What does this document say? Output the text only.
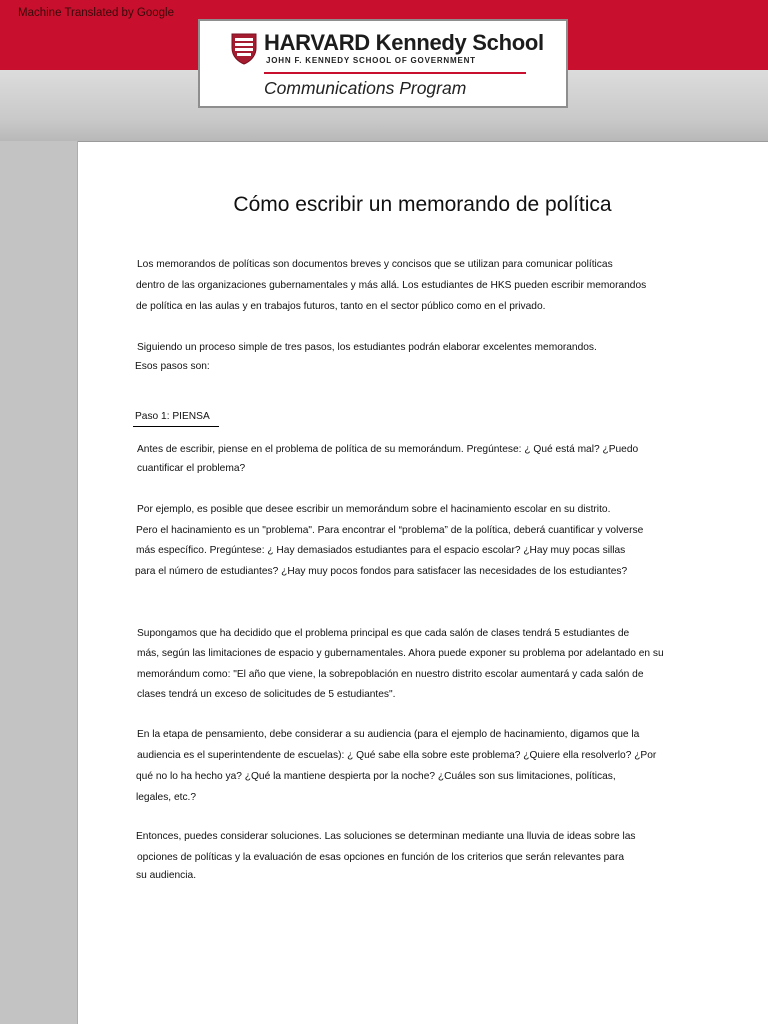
Machine Translated by Google
HARVARD Kennedy School
JOHN F. KENNEDY SCHOOL OF GOVERNMENT
Communications Program
Cómo escribir un memorando de política
Los memorandos de políticas son documentos breves y concisos que se utilizan para comunicar políticas
dentro de las organizaciones gubernamentales y más allá. Los estudiantes de HKS pueden escribir memorandos
de política en las aulas y en trabajos futuros, tanto en el sector público como en el privado.
Siguiendo un proceso simple de tres pasos, los estudiantes podrán elaborar excelentes memorandos.
Esos pasos son:
Paso 1: PIENSA
Antes de escribir, piense en el problema de política de su memorándum. Pregúntese: ¿ Qué está mal? ¿Puedo
cuantificar el problema?
Por ejemplo, es posible que desee escribir un memorándum sobre el hacinamiento escolar en su distrito.
Pero el hacinamiento es un "problema". Para encontrar el “problema” de la política, deberá cuantificar y volverse
más específico. Pregúntese: ¿ Hay demasiados estudiantes para el espacio escolar? ¿Hay muy pocas sillas
para el número de estudiantes? ¿Hay muy pocos fondos para satisfacer las necesidades de los estudiantes?
Supongamos que ha decidido que el problema principal es que cada salón de clases tendrá 5 estudiantes de
más, según las limitaciones de espacio y gubernamentales. Ahora puede exponer su problema por adelantado en su
memorándum como: "El año que viene, la sobrepoblación en nuestro distrito escolar aumentará y cada salón de
clases tendrá un exceso de solicitudes de 5 estudiantes".
En la etapa de pensamiento, debe considerar a su audiencia (para el ejemplo de hacinamiento, digamos que la
audiencia es el superintendente de escuelas): ¿ Qué sabe ella sobre este problema? ¿Quiere ella resolverlo? ¿Por
qué no lo ha hecho ya? ¿Qué la mantiene despierta por la noche? ¿Cuáles son sus limitaciones, políticas,
legales, etc.?
Entonces, puedes considerar soluciones. Las soluciones se determinan mediante una lluvia de ideas sobre las
opciones de políticas y la evaluación de esas opciones en función de los criterios que serán relevantes para
su audiencia.
